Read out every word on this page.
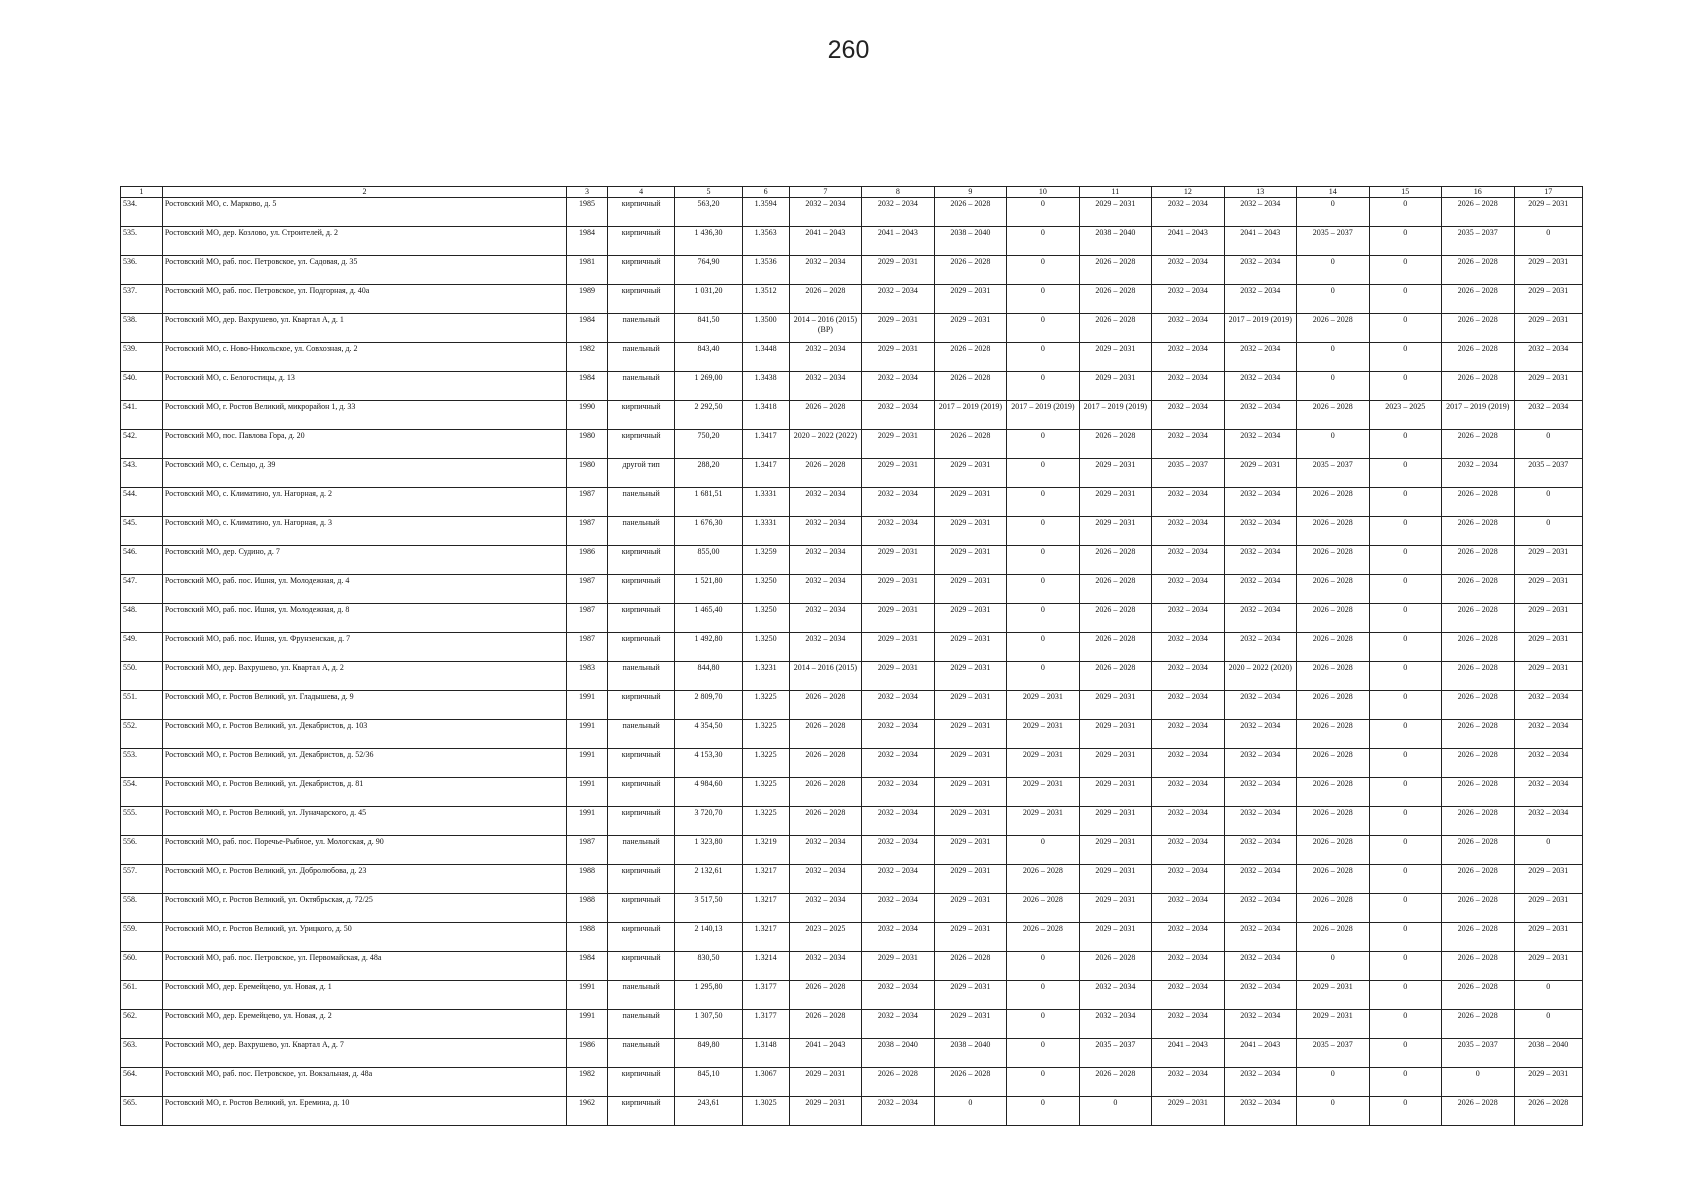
260
1	2	3	4	5	6	7	8	9	10	11	12	13	14	15	16	17
534.	Ростовский МО, с. Марково, д. 5	1985	кирпичный	563,20	1.3594	2032 – 2034	2032 – 2034	2026 – 2028	0	2029 – 2031	2032 – 2034	2032 – 2034	0	0	2026 – 2028	2029 – 2031
535.	Ростовский МО, дер. Козлово, ул. Строителей, д. 2	1984	кирпичный	1 436,30	1.3563	2041 – 2043	2041 – 2043	2038 – 2040	0	2038 – 2040	2041 – 2043	2041 – 2043	2035 – 2037	0	2035 – 2037	0
536.	Ростовский МО, раб. пос. Петровское, ул. Садовая, д. 35	1981	кирпичный	764,90	1.3536	2032 – 2034	2029 – 2031	2026 – 2028	0	2026 – 2028	2032 – 2034	2032 – 2034	0	0	2026 – 2028	2029 – 2031
537.	Ростовский МО, раб. пос. Петровское, ул. Подгорная, д. 40а	1989	кирпичный	1 031,20	1.3512	2026 – 2028	2032 – 2034	2029 – 2031	0	2026 – 2028	2032 – 2034	2032 – 2034	0	0	2026 – 2028	2029 – 2031
538.	Ростовский МО, дер. Вахрушево, ул. Квартал А, д. 1	1984	панельный	841,50	1.3500	2014 – 2016 (2015) (ВР)	2029 – 2031	2029 – 2031	0	2026 – 2028	2032 – 2034	2017 – 2019 (2019)	2026 – 2028	0	2026 – 2028	2029 – 2031
539.	Ростовский МО, с. Ново-Никольское, ул. Совхозная, д. 2	1982	панельный	843,40	1.3448	2032 – 2034	2029 – 2031	2026 – 2028	0	2029 – 2031	2032 – 2034	2032 – 2034	0	0	2026 – 2028	2032 – 2034
540.	Ростовский МО, с. Белогостицы, д. 13	1984	панельный	1 269,00	1.3438	2032 – 2034	2032 – 2034	2026 – 2028	0	2029 – 2031	2032 – 2034	2032 – 2034	0	0	2026 – 2028	2029 – 2031
541.	Ростовский МО, г. Ростов Великий, микрорайон 1, д. 33	1990	кирпичный	2 292,50	1.3418	2026 – 2028	2032 – 2034	2017 – 2019 (2019)	2017 – 2019 (2019)	2017 – 2019 (2019)	2032 – 2034	2032 – 2034	2026 – 2028	2023 – 2025	2017 – 2019 (2019)	2032 – 2034
542.	Ростовский МО, пос. Павлова Гора, д. 20	1980	кирпичный	750,20	1.3417	2020 – 2022 (2022)	2029 – 2031	2026 – 2028	0	2026 – 2028	2032 – 2034	2032 – 2034	0	0	2026 – 2028	0
543.	Ростовский МО, с. Сельцо, д. 39	1980	другой тип	288,20	1.3417	2026 – 2028	2029 – 2031	2029 – 2031	0	2029 – 2031	2035 – 2037	2029 – 2031	2035 – 2037	0	2032 – 2034	2035 – 2037
544.	Ростовский МО, с. Климатино, ул. Нагорная, д. 2	1987	панельный	1 681,51	1.3331	2032 – 2034	2032 – 2034	2029 – 2031	0	2029 – 2031	2032 – 2034	2032 – 2034	2026 – 2028	0	2026 – 2028	0
545.	Ростовский МО, с. Климатино, ул. Нагорная, д. 3	1987	панельный	1 676,30	1.3331	2032 – 2034	2032 – 2034	2029 – 2031	0	2029 – 2031	2032 – 2034	2032 – 2034	2026 – 2028	0	2026 – 2028	0
546.	Ростовский МО, дер. Судино, д. 7	1986	кирпичный	855,00	1.3259	2032 – 2034	2029 – 2031	2029 – 2031	0	2026 – 2028	2032 – 2034	2032 – 2034	2026 – 2028	0	2026 – 2028	2029 – 2031
547.	Ростовский МО, раб. пос. Ишня, ул. Молодежная, д. 4	1987	кирпичный	1 521,80	1.3250	2032 – 2034	2029 – 2031	2029 – 2031	0	2026 – 2028	2032 – 2034	2032 – 2034	2026 – 2028	0	2026 – 2028	2029 – 2031
548.	Ростовский МО, раб. пос. Ишня, ул. Молодежная, д. 8	1987	кирпичный	1 465,40	1.3250	2032 – 2034	2029 – 2031	2029 – 2031	0	2026 – 2028	2032 – 2034	2032 – 2034	2026 – 2028	0	2026 – 2028	2029 – 2031
549.	Ростовский МО, раб. пос. Ишня, ул. Фрунзенская, д. 7	1987	кирпичный	1 492,80	1.3250	2032 – 2034	2029 – 2031	2029 – 2031	0	2026 – 2028	2032 – 2034	2032 – 2034	2026 – 2028	0	2026 – 2028	2029 – 2031
550.	Ростовский МО, дер. Вахрушево, ул. Квартал А, д. 2	1983	панельный	844,80	1.3231	2014 – 2016 (2015)	2029 – 2031	2029 – 2031	0	2026 – 2028	2032 – 2034	2020 – 2022 (2020)	2026 – 2028	0	2026 – 2028	2029 – 2031
551.	Ростовский МО, г. Ростов Великий, ул. Гладышева, д. 9	1991	кирпичный	2 809,70	1.3225	2026 – 2028	2032 – 2034	2029 – 2031	2029 – 2031	2029 – 2031	2032 – 2034	2032 – 2034	2026 – 2028	0	2026 – 2028	2032 – 2034
552.	Ростовский МО, г. Ростов Великий, ул. Декабристов, д. 103	1991	панельный	4 354,50	1.3225	2026 – 2028	2032 – 2034	2029 – 2031	2029 – 2031	2029 – 2031	2032 – 2034	2032 – 2034	2026 – 2028	0	2026 – 2028	2032 – 2034
553.	Ростовский МО, г. Ростов Великий, ул. Декабристов, д. 52/36	1991	кирпичный	4 153,30	1.3225	2026 – 2028	2032 – 2034	2029 – 2031	2029 – 2031	2029 – 2031	2032 – 2034	2032 – 2034	2026 – 2028	0	2026 – 2028	2032 – 2034
554.	Ростовский МО, г. Ростов Великий, ул. Декабристов, д. 81	1991	кирпичный	4 984,60	1.3225	2026 – 2028	2032 – 2034	2029 – 2031	2029 – 2031	2029 – 2031	2032 – 2034	2032 – 2034	2026 – 2028	0	2026 – 2028	2032 – 2034
555.	Ростовский МО, г. Ростов Великий, ул. Луначарского, д. 45	1991	кирпичный	3 720,70	1.3225	2026 – 2028	2032 – 2034	2029 – 2031	2029 – 2031	2029 – 2031	2032 – 2034	2032 – 2034	2026 – 2028	0	2026 – 2028	2032 – 2034
556.	Ростовский МО, раб. пос. Поречье-Рыбное, ул. Мологская, д. 90	1987	панельный	1 323,80	1.3219	2032 – 2034	2032 – 2034	2029 – 2031	0	2029 – 2031	2032 – 2034	2032 – 2034	2026 – 2028	0	2026 – 2028	0
557.	Ростовский МО, г. Ростов Великий, ул. Добролюбова, д. 23	1988	кирпичный	2 132,61	1.3217	2032 – 2034	2032 – 2034	2029 – 2031	2026 – 2028	2029 – 2031	2032 – 2034	2032 – 2034	2026 – 2028	0	2026 – 2028	2029 – 2031
558.	Ростовский МО, г. Ростов Великий, ул. Октябрьская, д. 72/25	1988	кирпичный	3 517,50	1.3217	2032 – 2034	2032 – 2034	2029 – 2031	2026 – 2028	2029 – 2031	2032 – 2034	2032 – 2034	2026 – 2028	0	2026 – 2028	2029 – 2031
559.	Ростовский МО, г. Ростов Великий, ул. Урицкого, д. 50	1988	кирпичный	2 140,13	1.3217	2023 – 2025	2032 – 2034	2029 – 2031	2026 – 2028	2029 – 2031	2032 – 2034	2032 – 2034	2026 – 2028	0	2026 – 2028	2029 – 2031
560.	Ростовский МО, раб. пос. Петровское, ул. Первомайская, д. 48а	1984	кирпичный	830,50	1.3214	2032 – 2034	2029 – 2031	2026 – 2028	0	2026 – 2028	2032 – 2034	2032 – 2034	0	0	2026 – 2028	2029 – 2031
561.	Ростовский МО, дер. Еремейцево, ул. Новая, д. 1	1991	панельный	1 295,80	1.3177	2026 – 2028	2032 – 2034	2029 – 2031	0	2032 – 2034	2032 – 2034	2032 – 2034	2029 – 2031	0	2026 – 2028	0
562.	Ростовский МО, дер. Еремейцево, ул. Новая, д. 2	1991	панельный	1 307,50	1.3177	2026 – 2028	2032 – 2034	2029 – 2031	0	2032 – 2034	2032 – 2034	2032 – 2034	2029 – 2031	0	2026 – 2028	0
563.	Ростовский МО, дер. Вахрушево, ул. Квартал А, д. 7	1986	панельный	849,80	1.3148	2041 – 2043	2038 – 2040	2038 – 2040	0	2035 – 2037	2041 – 2043	2041 – 2043	2035 – 2037	0	2035 – 2037	2038 – 2040
564.	Ростовский МО, раб. пос. Петровское, ул. Вокзальная, д. 48а	1982	кирпичный	845,10	1.3067	2029 – 2031	2026 – 2028	2026 – 2028	0	2026 – 2028	2032 – 2034	2032 – 2034	0	0	0	2029 – 2031
565.	Ростовский МО, г. Ростов Великий, ул. Еремина, д. 10	1962	кирпичный	243,61	1.3025	2029 – 2031	2032 – 2034	0	0	0	2029 – 2031	2032 – 2034	0	0	2026 – 2028	2026 – 2028
